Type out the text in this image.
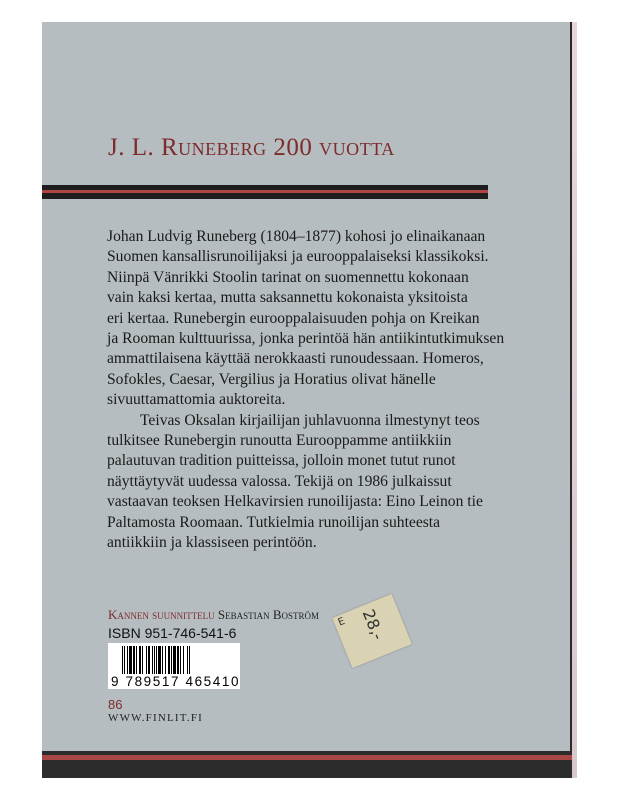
J. L. Runeberg 200 vuotta
Johan Ludvig Runeberg (1804–1877) kohosi jo elinaikanaan
Suomen kansallisrunoilijaksi ja eurooppalaiseksi klassikoksi.
Niinpä Vänrikki Stoolin tarinat on suomennettu kokonaan
vain kaksi kertaa, mutta saksannettu kokonaista yksitoista
eri kertaa. Runebergin eurooppalaisuuden pohja on Kreikan
ja Rooman kulttuurissa, jonka perintöä hän antiikintutkimuksen
ammattilaisena käyttää nerokkaasti runoudessaan. Homeros,
Sofokles, Caesar, Vergilius ja Horatius olivat hänelle
sivuuttamattomia auktoreita.
Teivas Oksalan kirjailijan juhlavuonna ilmestynyt teos
tulkitsee Runebergin runoutta Eurooppamme antiikkiin
palautuvan tradition puitteissa, jolloin monet tutut runot
näyttäytyvät uudessa valossa. Tekijä on 1986 julkaissut
vastaavan teoksen Helkavirsien runoilijasta: Eino Leinon tie
Paltamosta Roomaan. Tutkielmia runoilijan suhteesta
antiikkiin ja klassiseen perintöön.
Kannen suunnittelu Sebastian Boström
ISBN 951-746-541-6
9 789517 465410
86
WWW.FINLIT.FI
E 28,-
